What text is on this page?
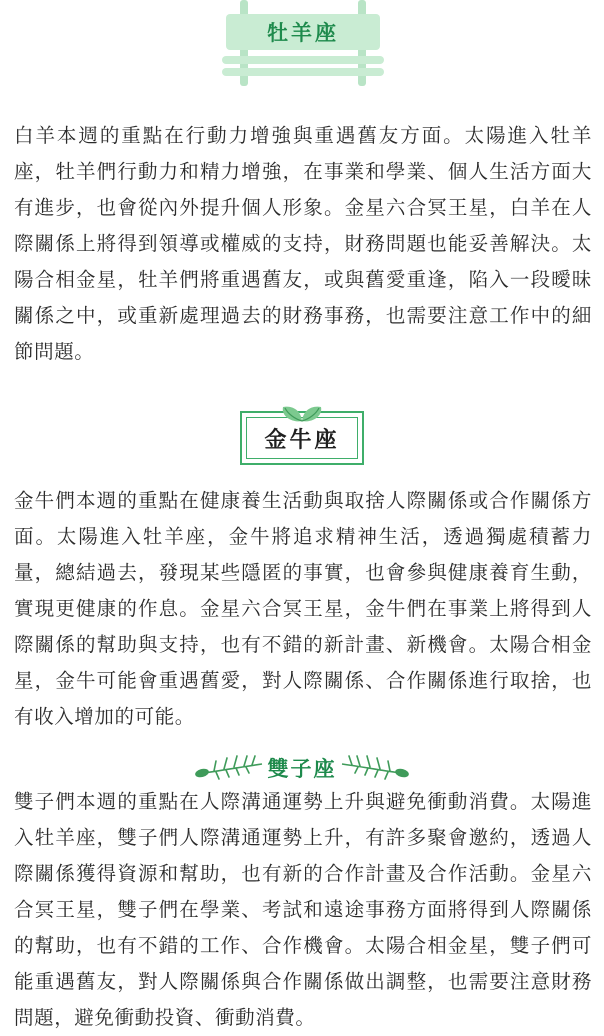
牡羊座

白羊本週的重點在行動力增強與重遇舊友方面。太陽進入牡羊座，牡羊們行動力和精力增強，在事業和學業、個人生活方面大有進步，也會從內外提升個人形象。金星六合冥王星，白羊在人際關係上將得到領導或權威的支持，財務問題也能妥善解決。太陽合相金星，牡羊們將重遇舊友，或與舊愛重逢，陷入一段曖昧關係之中，或重新處理過去的財務事務，也需要注意工作中的細節問題。

金牛座

金牛們本週的重點在健康養生活動與取捨人際關係或合作關係方面。太陽進入牡羊座，金牛將追求精神生活，透過獨處積蓄力量，總結過去，發現某些隱匿的事實，也會參與健康養育生動，實現更健康的作息。金星六合冥王星，金牛們在事業上將得到人際關係的幫助與支持，也有不錯的新計畫、新機會。太陽合相金星，金牛可能會重遇舊愛，對人際關係、合作關係進行取捨，也有收入增加的可能。

雙子座

雙子們本週的重點在人際溝通運勢上升與避免衝動消費。太陽進入牡羊座，雙子們人際溝通運勢上升，有許多聚會邀約，透過人際關係獲得資源和幫助，也有新的合作計畫及合作活動。金星六合冥王星，雙子們在學業、考試和遠途事務方面將得到人際關係的幫助，也有不錯的工作、合作機會。太陽合相金星，雙子們可能重遇舊友，對人際關係與合作關係做出調整，也需要注意財務問題，避免衝動投資、衝動消費。
